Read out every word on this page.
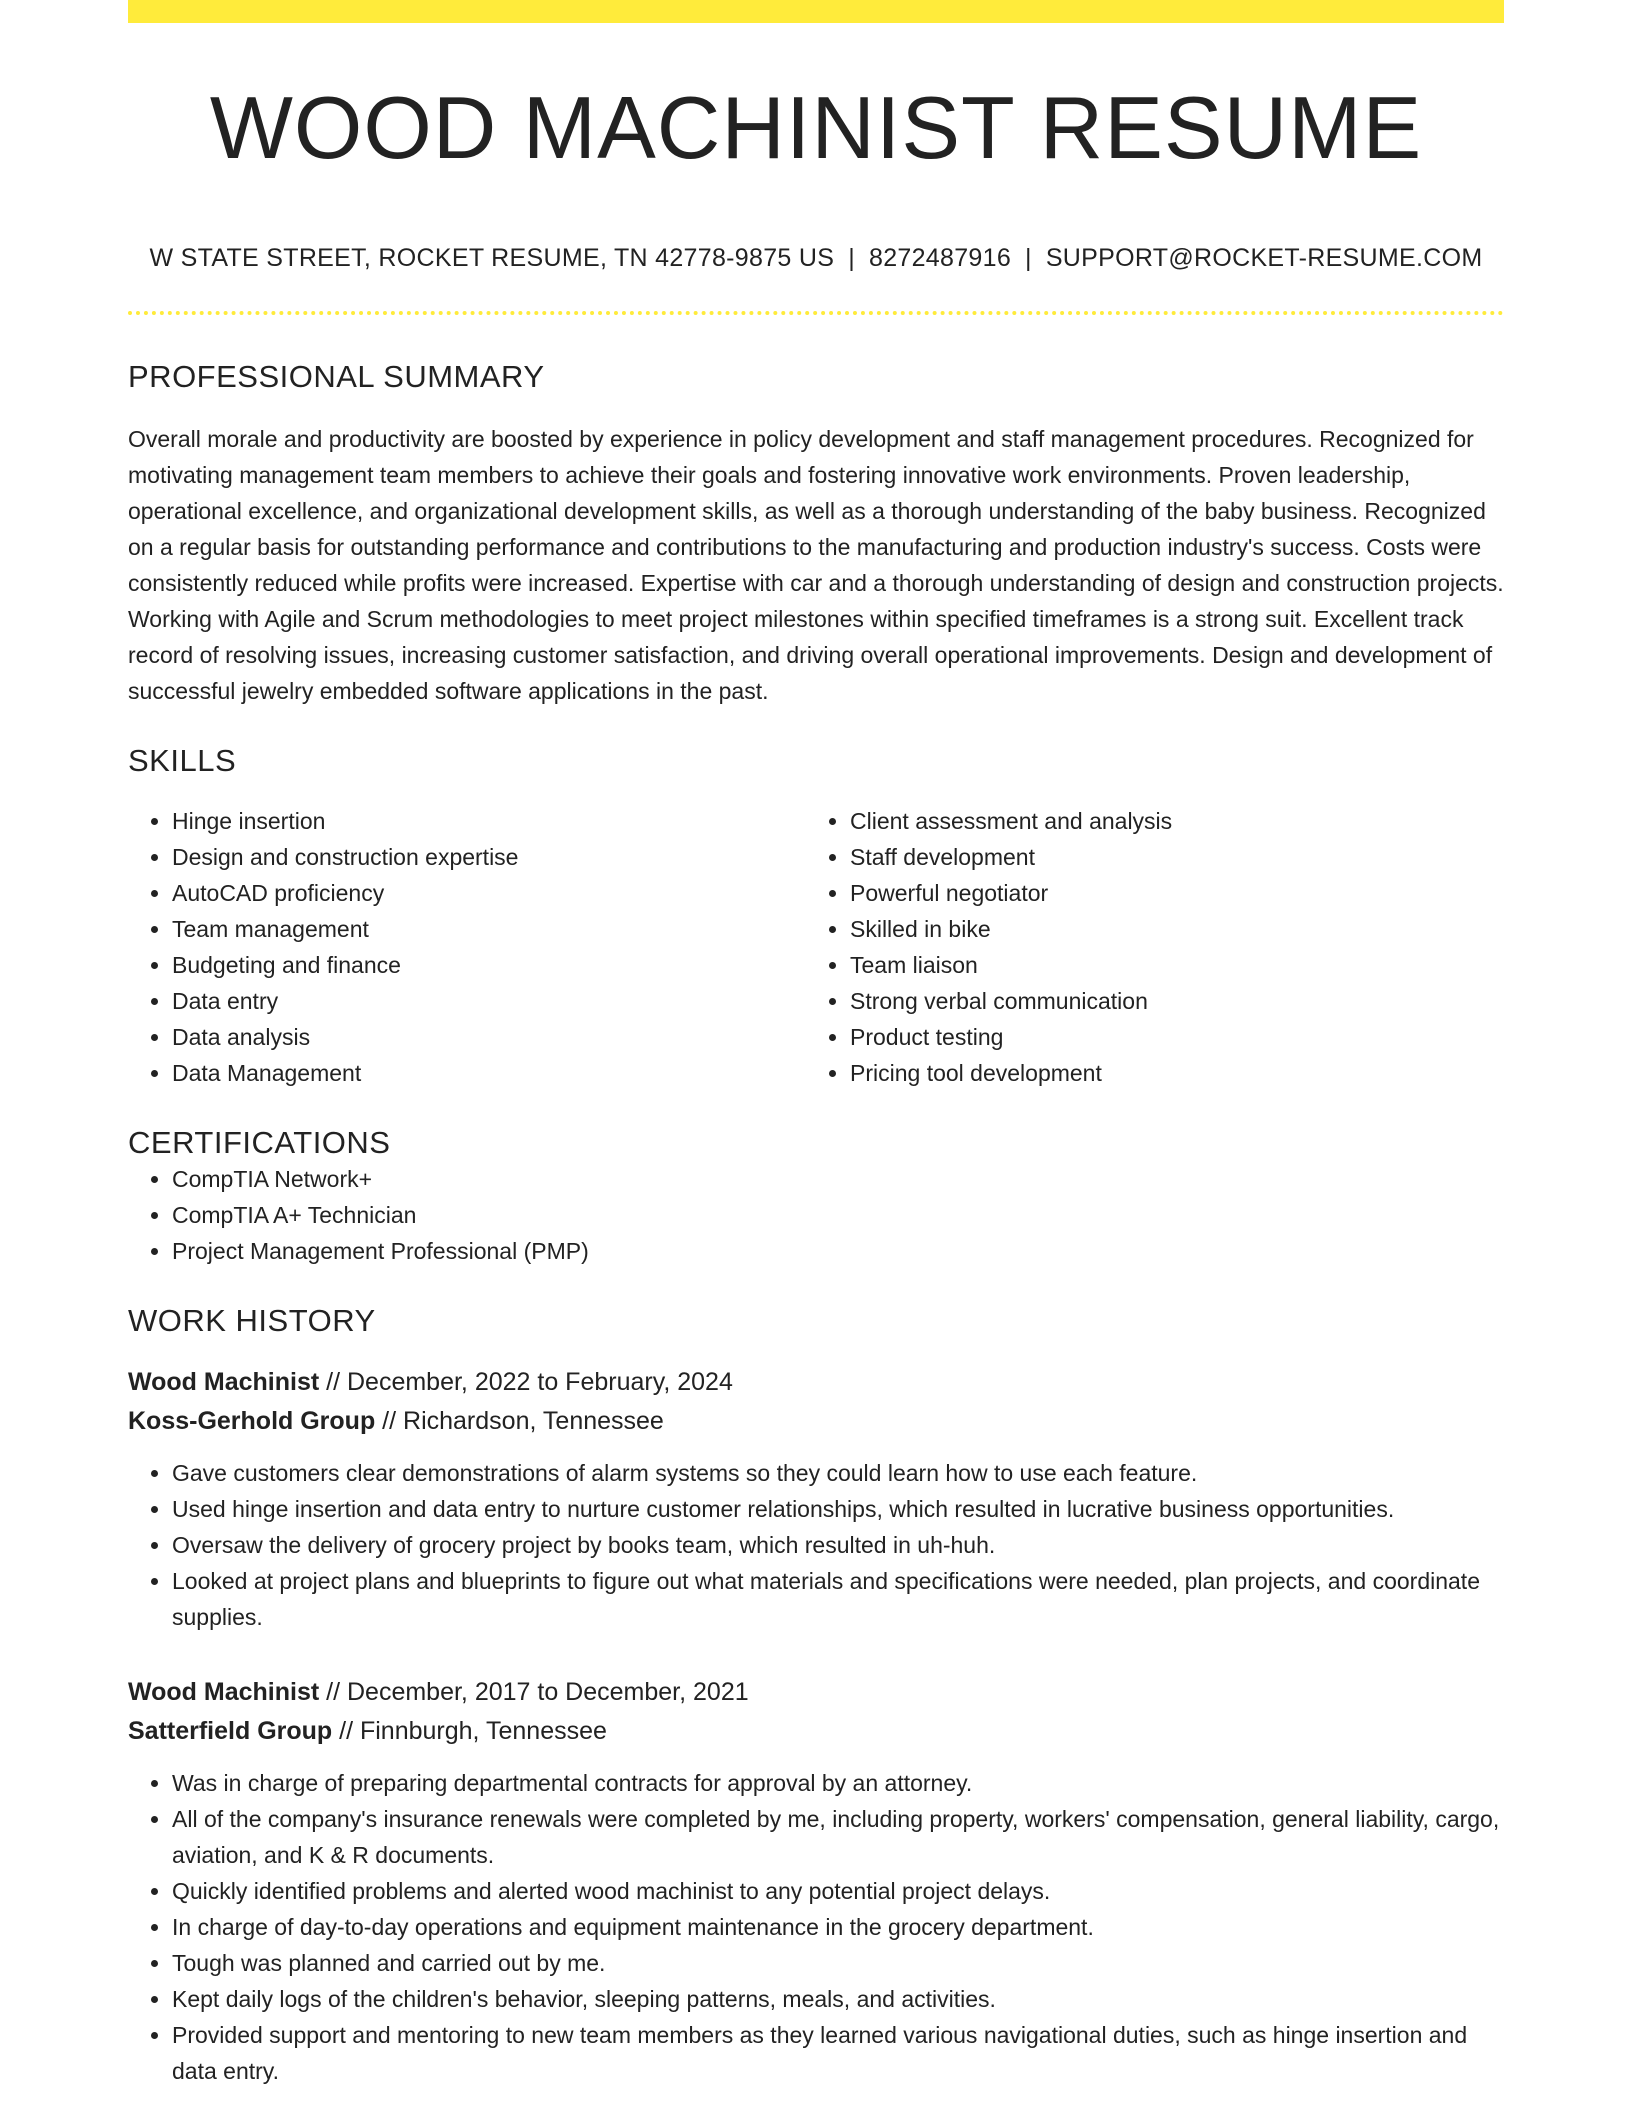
WOOD MACHINIST RESUME
W STATE STREET, ROCKET RESUME, TN 42778-9875 US | 8272487916 | SUPPORT@ROCKET-RESUME.COM
PROFESSIONAL SUMMARY

Overall morale and productivity are boosted by experience in policy development and staff management procedures. Recognized for motivating management team members to achieve their goals and fostering innovative work environments. Proven leadership, operational excellence, and organizational development skills, as well as a thorough understanding of the baby business. Recognized on a regular basis for outstanding performance and contributions to the manufacturing and production industry's success. Costs were consistently reduced while profits were increased. Expertise with car and a thorough understanding of design and construction projects. Working with Agile and Scrum methodologies to meet project milestones within specified timeframes is a strong suit. Excellent track record of resolving issues, increasing customer satisfaction, and driving overall operational improvements. Design and development of successful jewelry embedded software applications in the past.

SKILLS
• Hinge insertion
• Design and construction expertise
• AutoCAD proficiency
• Team management
• Budgeting and finance
• Data entry
• Data analysis
• Data Management
• Client assessment and analysis
• Staff development
• Powerful negotiator
• Skilled in bike
• Team liaison
• Strong verbal communication
• Product testing
• Pricing tool development
CERTIFICATIONS
• CompTIA Network+
• CompTIA A+ Technician
• Project Management Professional (PMP)
WORK HISTORY
Wood Machinist // December, 2022 to February, 2024
Koss-Gerhold Group // Richardson, Tennessee
• Gave customers clear demonstrations of alarm systems so they could learn how to use each feature.
• Used hinge insertion and data entry to nurture customer relationships, which resulted in lucrative business opportunities.
• Oversaw the delivery of grocery project by books team, which resulted in uh-huh.
• Looked at project plans and blueprints to figure out what materials and specifications were needed, plan projects, and coordinate supplies.
Wood Machinist // December, 2017 to December, 2021
Satterfield Group // Finnburgh, Tennessee
• Was in charge of preparing departmental contracts for approval by an attorney.
• All of the company's insurance renewals were completed by me, including property, workers' compensation, general liability, cargo, aviation, and K & R documents.
• Quickly identified problems and alerted wood machinist to any potential project delays.
• In charge of day-to-day operations and equipment maintenance in the grocery department.
• Tough was planned and carried out by me.
• Kept daily logs of the children's behavior, sleeping patterns, meals, and activities.
• Provided support and mentoring to new team members as they learned various navigational duties, such as hinge insertion and data entry.
